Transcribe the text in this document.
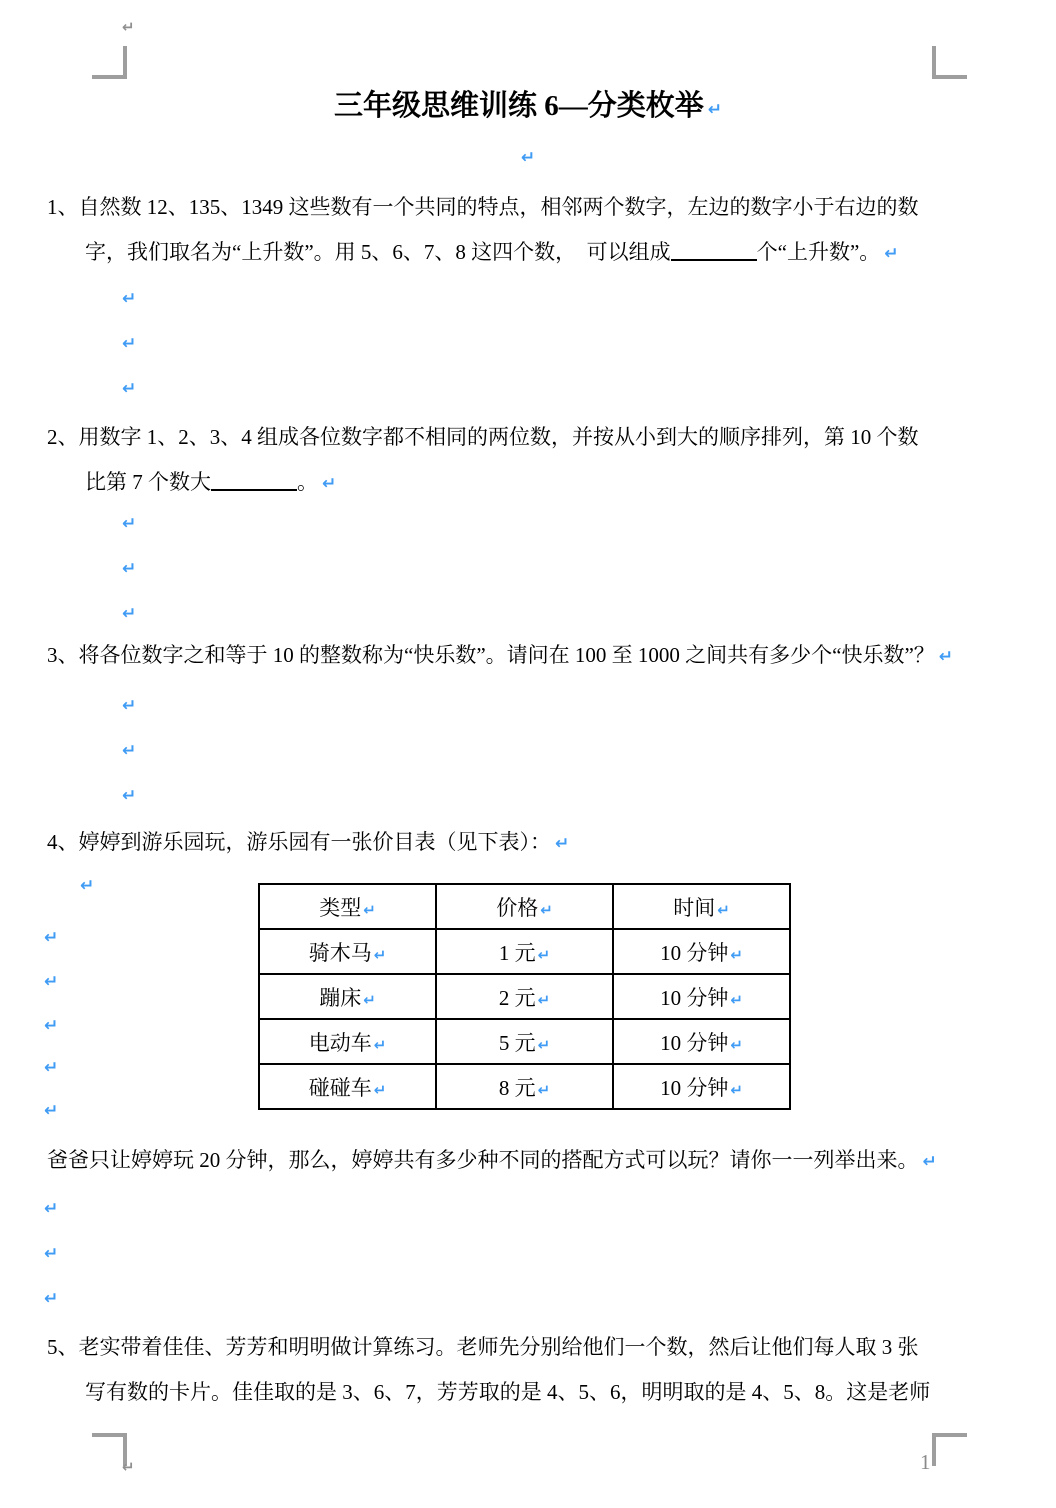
↵
↵	1
三年级思维训练 6—分类枚举 ↵
↵
1、自然数 12、135、1349 这些数有一个共同的特点，相邻两个数字，左边的数字小于右边的数
字，我们取名为“上升数”。用 5、6、7、8 这四个数，　可以组成	个“上升数”。 ↵
↵
↵
↵
2、用数字 1、2、3、4 组成各位数字都不相同的两位数，并按从小到大的顺序排列，第 10 个数
比第 7 个数大	。 ↵
↵
↵
↵
3、将各位数字之和等于 10 的整数称为“快乐数”。请问在 100 至 1000 之间共有多少个“快乐数”？ ↵
↵
↵
↵
4、婷婷到游乐园玩，游乐园有一张价目表（见下表）： ↵
↵
类型 ↵	价格 ↵	时间 ↵
骑木马 ↵	1 元 ↵	10 分钟 ↵
蹦床 ↵	2 元 ↵	10 分钟 ↵
电动车 ↵	5 元 ↵	10 分钟 ↵
碰碰车 ↵	8 元 ↵	10 分钟 ↵
↵
↵
↵
↵
↵
爸爸只让婷婷玩 20 分钟，那么，婷婷共有多少种不同的搭配方式可以玩？请你一一列举出来。 ↵
↵
↵
↵
5、老实带着佳佳、芳芳和明明做计算练习。老师先分别给他们一个数，然后让他们每人取 3 张
写有数的卡片。佳佳取的是 3、6、7，芳芳取的是 4、5、6，明明取的是 4、5、8。这是老师
